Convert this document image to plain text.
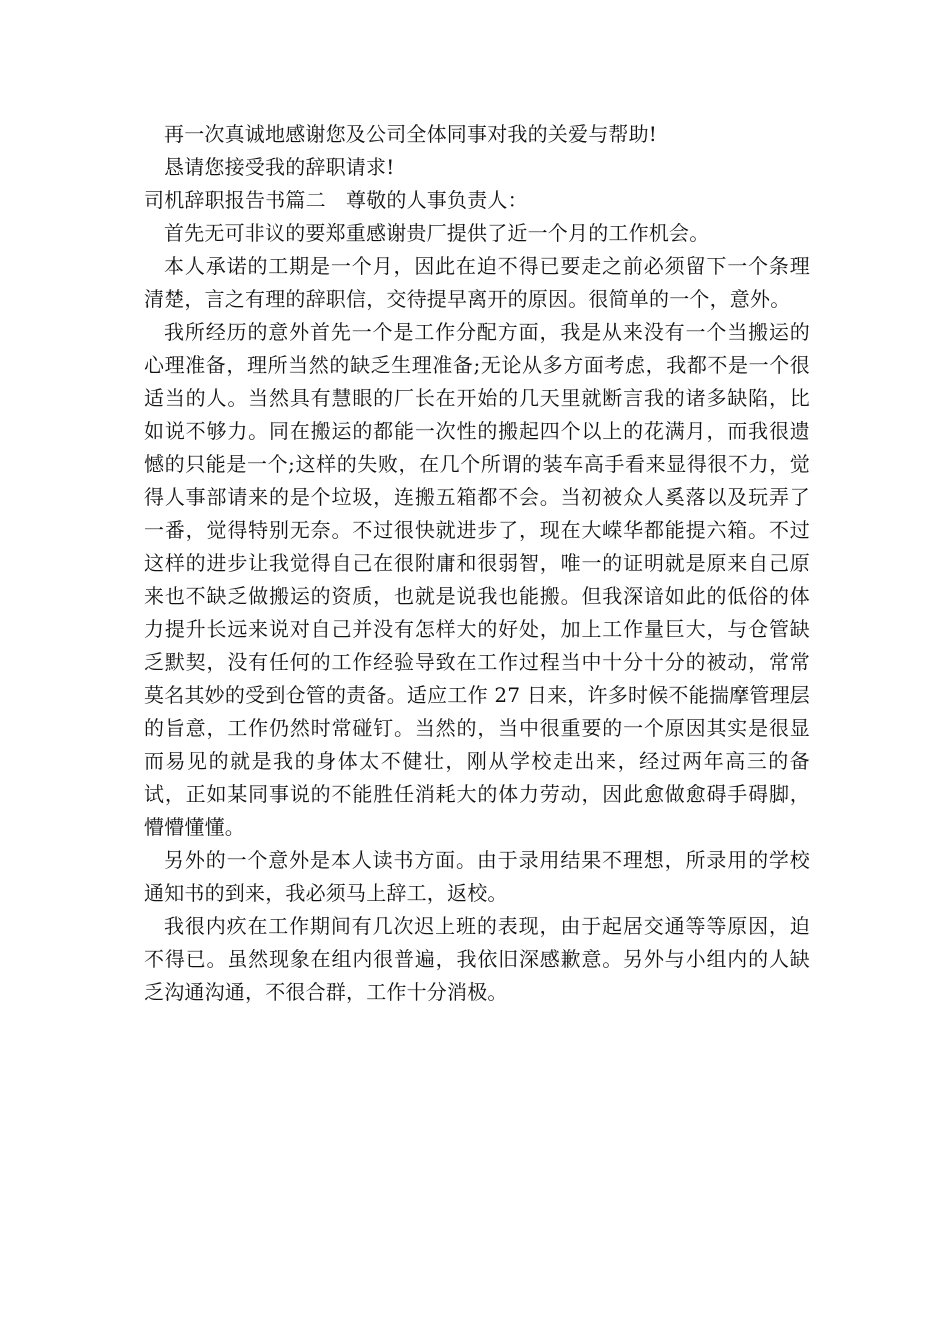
再一次真诚地感谢您及公司全体同事对我的关爱与帮助!

恳请您接受我的辞职请求!

司机辞职报告书篇二　尊敬的人事负责人：

首先无可非议的要郑重感谢贵厂提供了近一个月的工作机会。

本人承诺的工期是一个月，因此在迫不得已要走之前必须留下一个条理清楚，言之有理的辞职信，交待提早离开的原因。很简单的一个，意外。

我所经历的意外首先一个是工作分配方面，我是从来没有一个当搬运的心理准备，理所当然的缺乏生理准备;无论从多方面考虑，我都不是一个很适当的人。当然具有慧眼的厂长在开始的几天里就断言我的诸多缺陷，比如说不够力。同在搬运的都能一次性的搬起四个以上的花满月，而我很遗憾的只能是一个;这样的失败，在几个所谓的装车高手看来显得很不力，觉得人事部请来的是个垃圾，连搬五箱都不会。当初被众人奚落以及玩弄了一番，觉得特别无奈。不过很快就进步了，现在大嵘华都能提六箱。不过这样的进步让我觉得自己在很附庸和很弱智，唯一的证明就是原来自己原来也不缺乏做搬运的资质，也就是说我也能搬。但我深谙如此的低俗的体力提升长远来说对自己并没有怎样大的好处，加上工作量巨大，与仓管缺乏默契，没有任何的工作经验导致在工作过程当中十分十分的被动，常常莫名其妙的受到仓管的责备。适应工作 27 日来，许多时候不能揣摩管理层的旨意，工作仍然时常碰钉。当然的，当中很重要的一个原因其实是很显而易见的就是我的身体太不健壮，刚从学校走出来，经过两年高三的备试，正如某同事说的不能胜任消耗大的体力劳动，因此愈做愈碍手碍脚，懵懵懂懂。

另外的一个意外是本人读书方面。由于录用结果不理想，所录用的学校通知书的到来，我必须马上辞工，返校。

我很内疚在工作期间有几次迟上班的表现，由于起居交通等等原因，迫不得已。虽然现象在组内很普遍，我依旧深感歉意。另外与小组内的人缺乏沟通沟通，不很合群，工作十分消极。
